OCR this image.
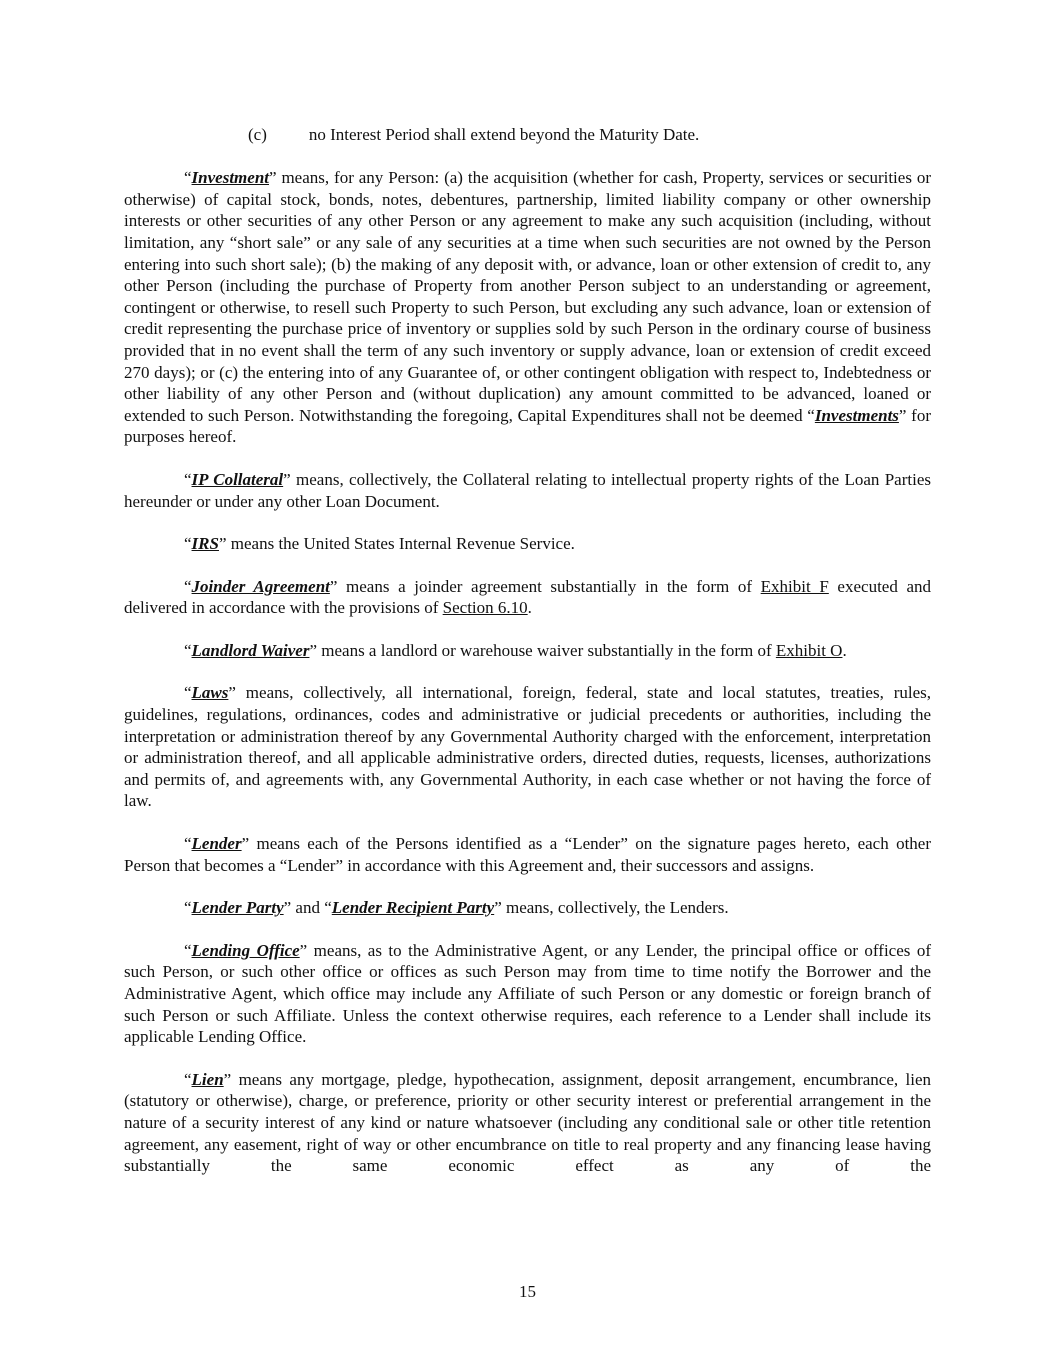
(c) no Interest Period shall extend beyond the Maturity Date.

“Investment” means, for any Person: (a) the acquisition (whether for cash, Property, services or securities or otherwise) of capital stock, bonds, notes, debentures, partnership, limited liability company or other ownership interests or other securities of any other Person or any agreement to make any such acquisition (including, without limitation, any “short sale” or any sale of any securities at a time when such securities are not owned by the Person entering into such short sale); (b) the making of any deposit with, or advance, loan or other extension of credit to, any other Person (including the purchase of Property from another Person subject to an understanding or agreement, contingent or otherwise, to resell such Property to such Person, but excluding any such advance, loan or extension of credit representing the purchase price of inventory or supplies sold by such Person in the ordinary course of business provided that in no event shall the term of any such inventory or supply advance, loan or extension of credit exceed 270 days); or (c) the entering into of any Guarantee of, or other contingent obligation with respect to, Indebtedness or other liability of any other Person and (without duplication) any amount committed to be advanced, loaned or extended to such Person. Notwithstanding the foregoing, Capital Expenditures shall not be deemed “Investments” for purposes hereof.

“IP Collateral” means, collectively, the Collateral relating to intellectual property rights of the Loan Parties hereunder or under any other Loan Document.

“IRS” means the United States Internal Revenue Service.

“Joinder Agreement” means a joinder agreement substantially in the form of Exhibit F executed and delivered in accordance with the provisions of Section 6.10.

“Landlord Waiver” means a landlord or warehouse waiver substantially in the form of Exhibit O.

“Laws” means, collectively, all international, foreign, federal, state and local statutes, treaties, rules, guidelines, regulations, ordinances, codes and administrative or judicial precedents or authorities, including the interpretation or administration thereof by any Governmental Authority charged with the enforcement, interpretation or administration thereof, and all applicable administrative orders, directed duties, requests, licenses, authorizations and permits of, and agreements with, any Governmental Authority, in each case whether or not having the force of law.

“Lender” means each of the Persons identified as a “Lender” on the signature pages hereto, each other Person that becomes a “Lender” in accordance with this Agreement and, their successors and assigns.

“Lender Party” and “Lender Recipient Party” means, collectively, the Lenders.

“Lending Office” means, as to the Administrative Agent, or any Lender, the principal office or offices of such Person, or such other office or offices as such Person may from time to time notify the Borrower and the Administrative Agent, which office may include any Affiliate of such Person or any domestic or foreign branch of such Person or such Affiliate. Unless the context otherwise requires, each reference to a Lender shall include its applicable Lending Office.

“Lien” means any mortgage, pledge, hypothecation, assignment, deposit arrangement, encumbrance, lien (statutory or otherwise), charge, or preference, priority or other security interest or preferential arrangement in the nature of a security interest of any kind or nature whatsoever (including any conditional sale or other title retention agreement, any easement, right of way or other encumbrance on title to real property and any financing lease having substantially the same economic effect as any of the

15
